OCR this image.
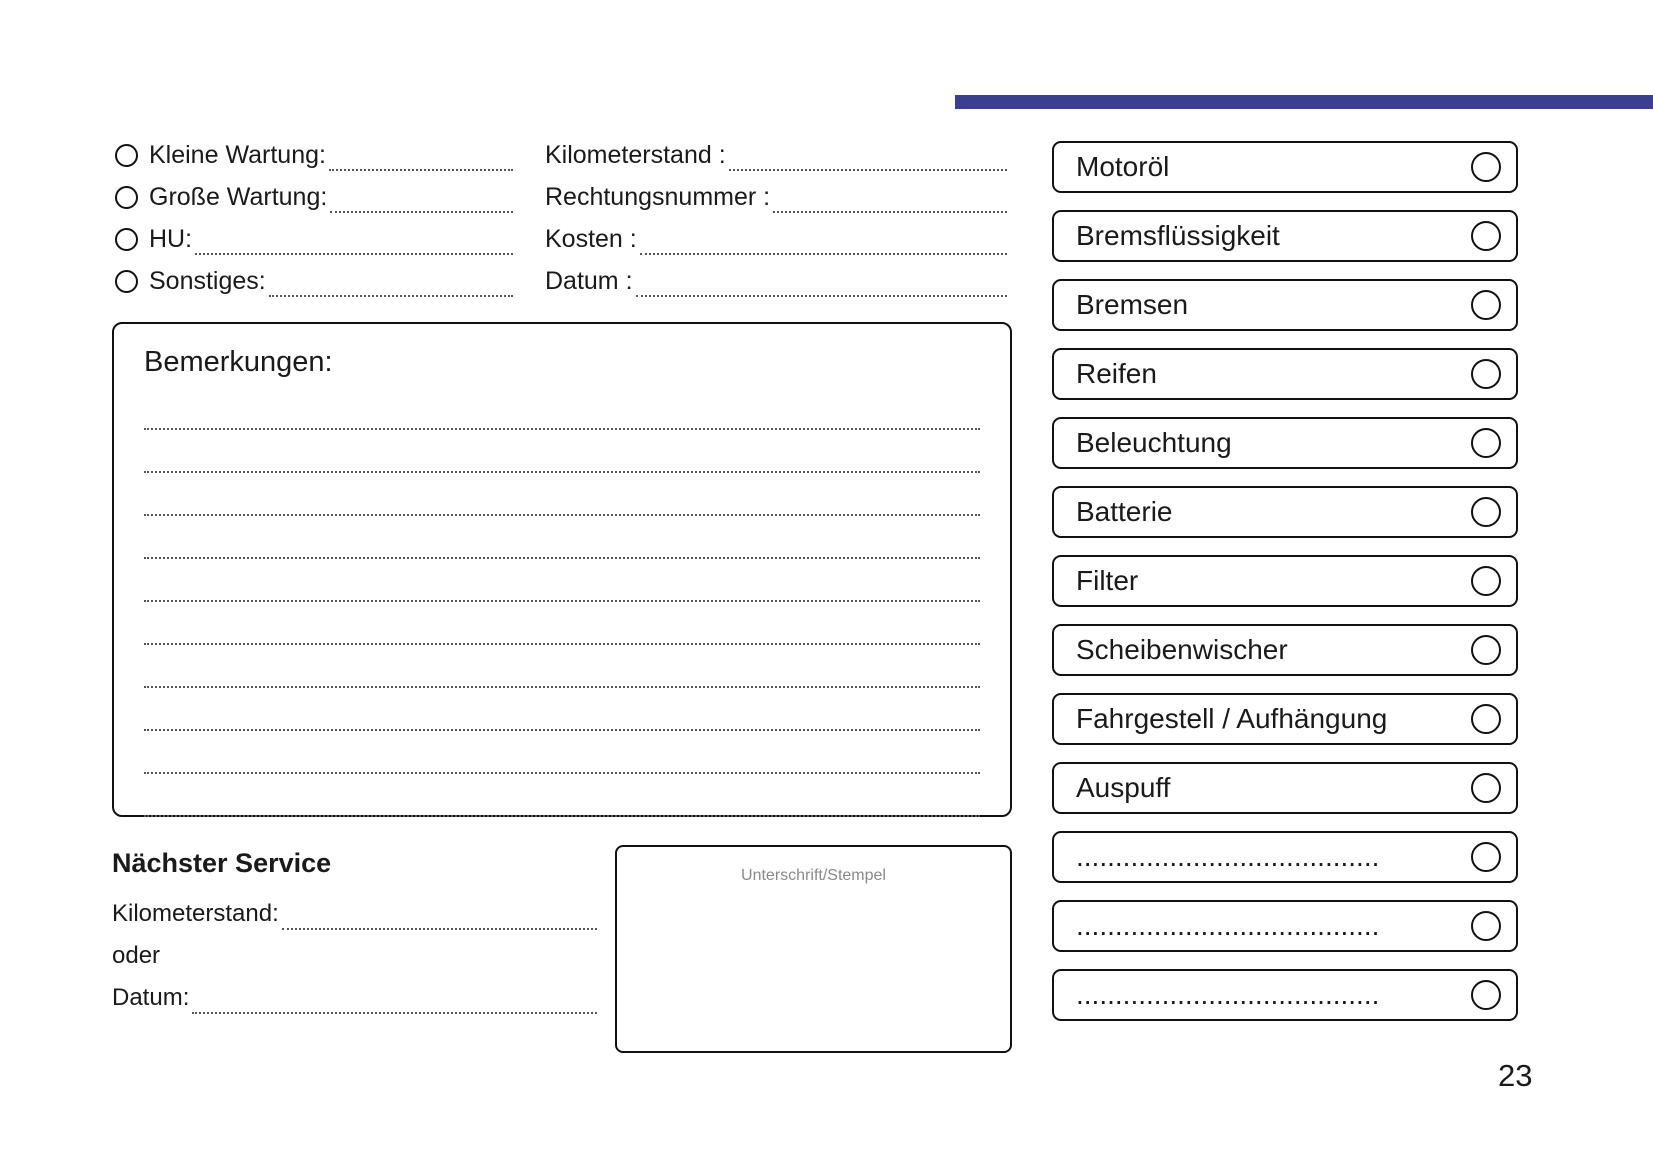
Kleine Wartung:
Große Wartung:
HU:
Sonstiges:
Kilometerstand :
Rechtungsnummer :
Kosten :
Datum :
Bemerkungen:
Nächster Service
Kilometerstand:
oder
Datum:
Unterschrift/Stempel
Motoröl
Bremsflüssigkeit
Bremsen
Reifen
Beleuchtung
Batterie
Filter
Scheibenwischer
Fahrgestell / Aufhängung
Auspuff
.......................................
.......................................
.......................................
23
